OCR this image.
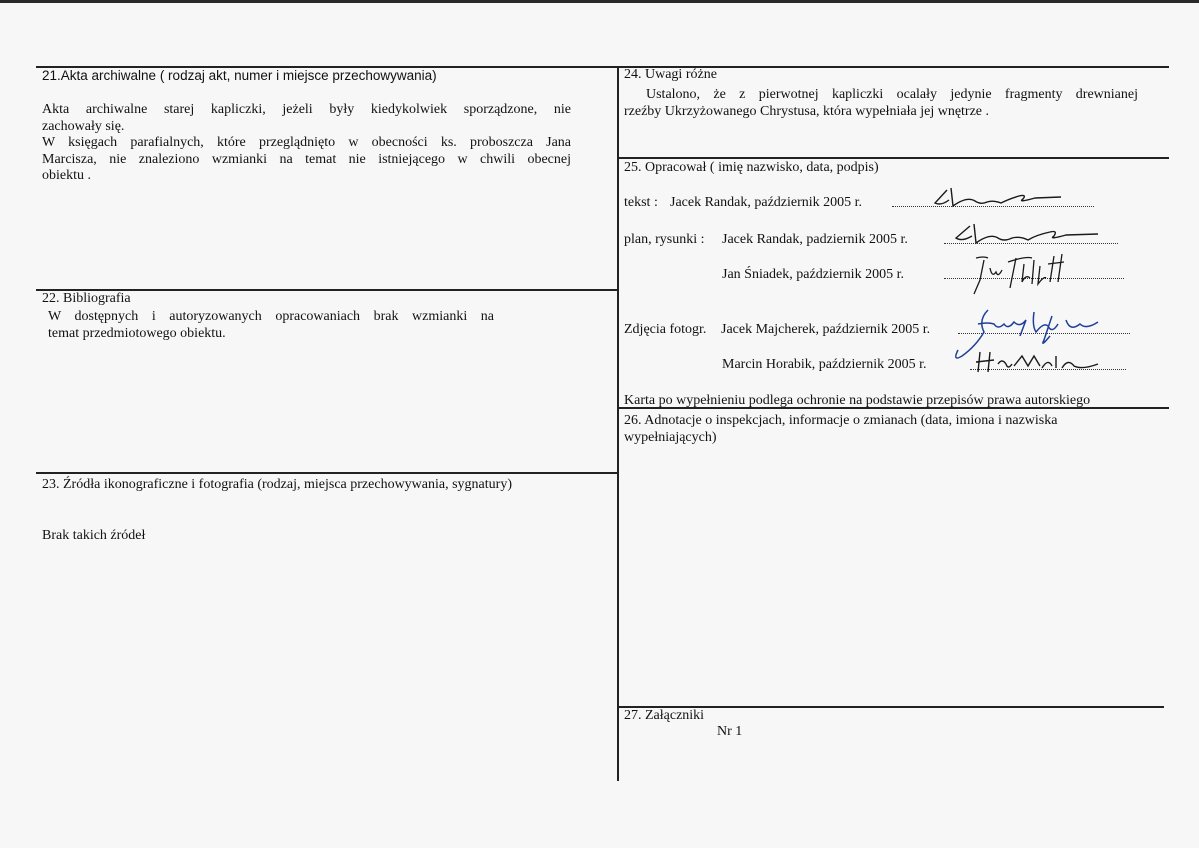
21.Akta archiwalne ( rodzaj akt, numer i miejsce przechowywania)
Akta archiwalne starej kapliczki, jeżeli były kiedykolwiek sporządzone, nie
zachowały się.
W księgach parafialnych, które przeglądnięto w obecności ks. proboszcza Jana
Marcisza, nie znaleziono wzmianki na temat nie istniejącego w chwili obecnej
obiektu .
22. Bibliografia
W dostępnych i autoryzowanych opracowaniach brak wzmianki na
temat przedmiotowego obiektu.
23. Źródła ikonograficzne i fotografia (rodzaj, miejsca przechowywania, sygnatury)
Brak takich źródeł
24. Uwagi różne
Ustalono, że z pierwotnej kapliczki ocalały jedynie fragmenty drewnianej
rzeźby Ukrzyżowanego Chrystusa, która wypełniała jej wnętrze .
25. Opracował ( imię nazwisko, data, podpis)
tekst : Jacek Randak, październik 2005 r.
plan, rysunki : Jacek Randak, padziernik 2005 r.
Jan Śniadek, październik 2005 r.
Zdjęcia fotogr. Jacek Majcherek, październik 2005 r.
Marcin Horabik, październik 2005 r.
Karta po wypełnieniu podlega ochronie na podstawie przepisów prawa autorskiego
26. Adnotacje o inspekcjach, informacje o zmianach (data, imiona i nazwiska
wypełniających)
27. Załączniki
Nr 1
